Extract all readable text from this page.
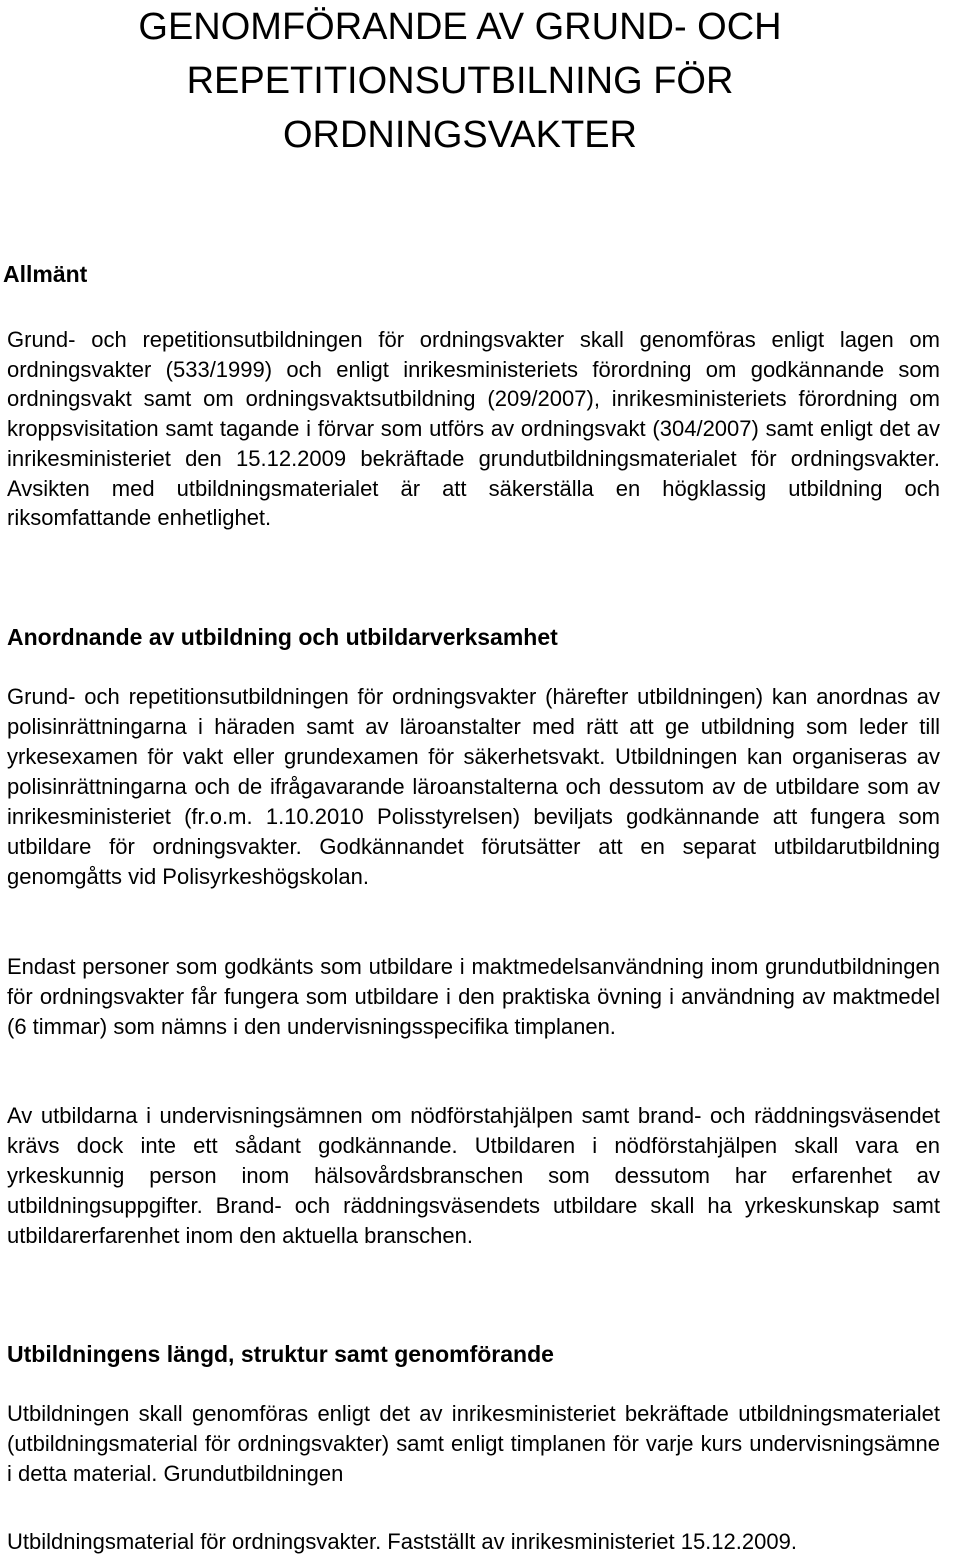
GENOMFÖRANDE AV GRUND- OCH
REPETITIONSUTBILNING FÖR
ORDNINGSVAKTER
Allmänt

Grund- och repetitionsutbildningen för ordningsvakter skall genomföras enligt lagen om ordningsvakter (533/1999) och enligt inrikesministeriets förordning om godkännande som ordningsvakt samt om ordningsvaktsutbildning (209/2007), inrikesministeriets förordning om kroppsvisitation samt tagande i förvar som utförs av ordningsvakt (304/2007) samt enligt det av inrikesministeriet den 15.12.2009 bekräftade grundutbildningsmaterialet för ordningsvakter. Avsikten med utbildningsmaterialet är att säkerställa en högklassig utbildning och riksomfattande enhetlighet.

Anordnande av utbildning och utbildarverksamhet

Grund- och repetitionsutbildningen för ordningsvakter (härefter utbildningen) kan anordnas av polisinrättningarna i häraden samt av läroanstalter med rätt att ge utbildning som leder till yrkesexamen för vakt eller grundexamen för säkerhetsvakt. Utbildningen kan organiseras av polisinrättningarna och de ifrågavarande läroanstalterna och dessutom av de utbildare som av inrikesministeriet (fr.o.m. 1.10.2010 Polisstyrelsen) beviljats godkännande att fungera som utbildare för ordningsvakter. Godkännandet förutsätter att en separat utbildarutbildning genomgåtts vid Polisyrkeshögskolan.

Endast personer som godkänts som utbildare i maktmedelsanvändning inom grundutbildningen för ordningsvakter får fungera som utbildare i den praktiska övning i användning av maktmedel (6 timmar) som nämns i den undervisningsspecifika timplanen.

Av utbildarna i undervisningsämnen om nödförstahjälpen samt brand- och räddningsväsendet krävs dock inte ett sådant godkännande. Utbildaren i nödförstahjälpen skall vara en yrkeskunnig person inom hälsovårdsbranschen som dessutom har erfarenhet av utbildningsuppgifter. Brand- och räddningsväsendets utbildare skall ha yrkeskunskap samt utbildarerfarenhet inom den aktuella branschen.

Utbildningens längd, struktur samt genomförande

Utbildningen skall genomföras enligt det av inrikesministeriet bekräftade utbildningsmaterialet (utbildningsmaterial för ordningsvakter) samt enligt timplanen för varje kurs undervisningsämne i detta material. Grundutbildningen

Utbildningsmaterial för ordningsvakter. Fastställt av inrikesministeriet 15.12.2009.
